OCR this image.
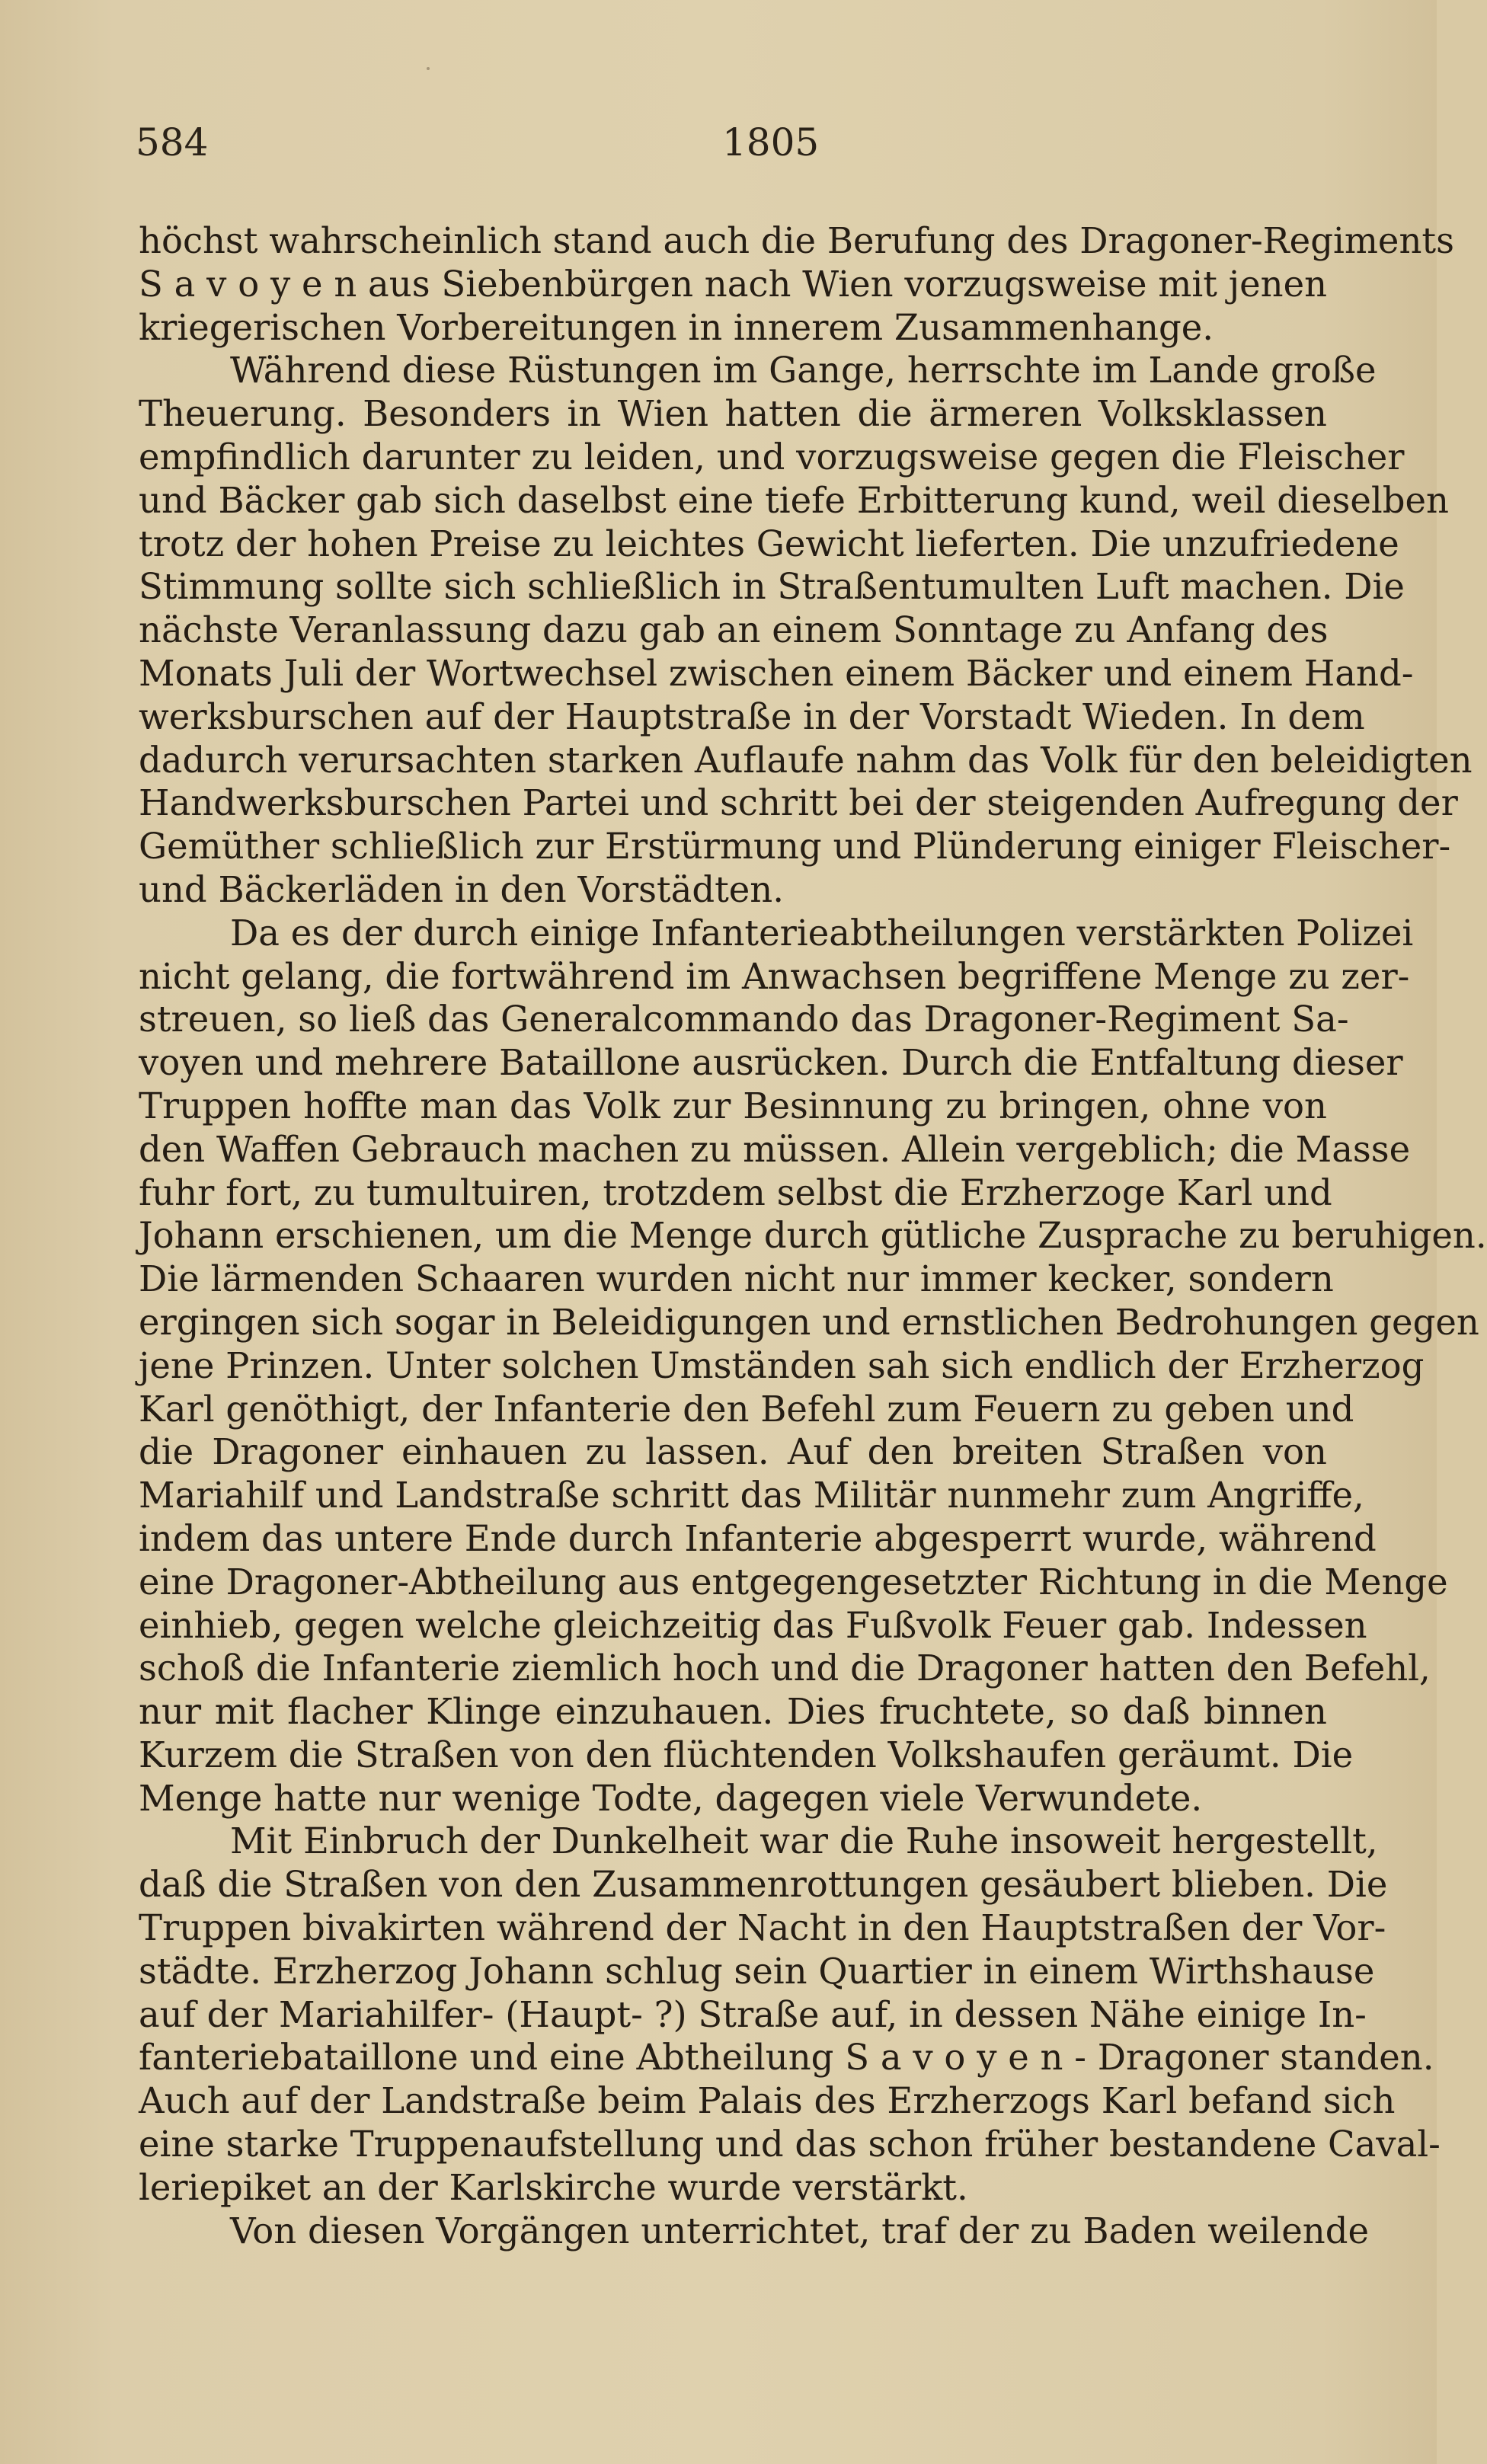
584	1805
höchst wahrscheinlich stand auch die Berufung des Dragoner-Regiments
S a v o y e n aus Siebenbürgen nach Wien vorzugsweise mit jenen
kriegerischen Vorbereitungen in innerem Zusammenhange.
Während diese Rüstungen im Gange, herrschte im Lande große
Theuerung. Besonders in Wien hatten die ärmeren Volksklassen
empfindlich darunter zu leiden, und vorzugsweise gegen die Fleischer
und Bäcker gab sich daselbst eine tiefe Erbitterung kund, weil dieselben
trotz der hohen Preise zu leichtes Gewicht lieferten. Die unzufriedene
Stimmung sollte sich schließlich in Straßentumulten Luft machen. Die
nächste Veranlassung dazu gab an einem Sonntage zu Anfang des
Monats Juli der Wortwechsel zwischen einem Bäcker und einem Hand-
werksburschen auf der Hauptstraße in der Vorstadt Wieden. In dem
dadurch verursachten starken Auflaufe nahm das Volk für den beleidigten
Handwerksburschen Partei und schritt bei der steigenden Aufregung der
Gemüther schließlich zur Erstürmung und Plünderung einiger Fleischer-
und Bäckerläden in den Vorstädten.
Da es der durch einige Infanterieabtheilungen verstärkten Polizei
nicht gelang, die fortwährend im Anwachsen begriffene Menge zu zer-
streuen, so ließ das Generalcommando das Dragoner-Regiment Sa-
voyen und mehrere Bataillone ausrücken. Durch die Entfaltung dieser
Truppen hoffte man das Volk zur Besinnung zu bringen, ohne von
den Waffen Gebrauch machen zu müssen. Allein vergeblich; die Masse
fuhr fort, zu tumultuiren, trotzdem selbst die Erzherzoge Karl und
Johann erschienen, um die Menge durch gütliche Zusprache zu beruhigen.
Die lärmenden Schaaren wurden nicht nur immer kecker, sondern
ergingen sich sogar in Beleidigungen und ernstlichen Bedrohungen gegen
jene Prinzen. Unter solchen Umständen sah sich endlich der Erzherzog
Karl genöthigt, der Infanterie den Befehl zum Feuern zu geben und
die Dragoner einhauen zu lassen. Auf den breiten Straßen von
Mariahilf und Landstraße schritt das Militär nunmehr zum Angriffe,
indem das untere Ende durch Infanterie abgesperrt wurde, während
eine Dragoner-Abtheilung aus entgegengesetzter Richtung in die Menge
einhieb, gegen welche gleichzeitig das Fußvolk Feuer gab. Indessen
schoß die Infanterie ziemlich hoch und die Dragoner hatten den Befehl,
nur mit flacher Klinge einzuhauen. Dies fruchtete, so daß binnen
Kurzem die Straßen von den flüchtenden Volkshaufen geräumt. Die
Menge hatte nur wenige Todte, dagegen viele Verwundete.
Mit Einbruch der Dunkelheit war die Ruhe insoweit hergestellt,
daß die Straßen von den Zusammenrottungen gesäubert blieben. Die
Truppen bivakirten während der Nacht in den Hauptstraßen der Vor-
städte. Erzherzog Johann schlug sein Quartier in einem Wirthshause
auf der Mariahilfer- (Haupt- ?) Straße auf, in dessen Nähe einige In-
fanteriebataillone und eine Abtheilung S a v o y e n - Dragoner standen.
Auch auf der Landstraße beim Palais des Erzherzogs Karl befand sich
eine starke Truppenaufstellung und das schon früher bestandene Caval-
leriepiket an der Karlskirche wurde verstärkt.
Von diesen Vorgängen unterrichtet, traf der zu Baden weilende
